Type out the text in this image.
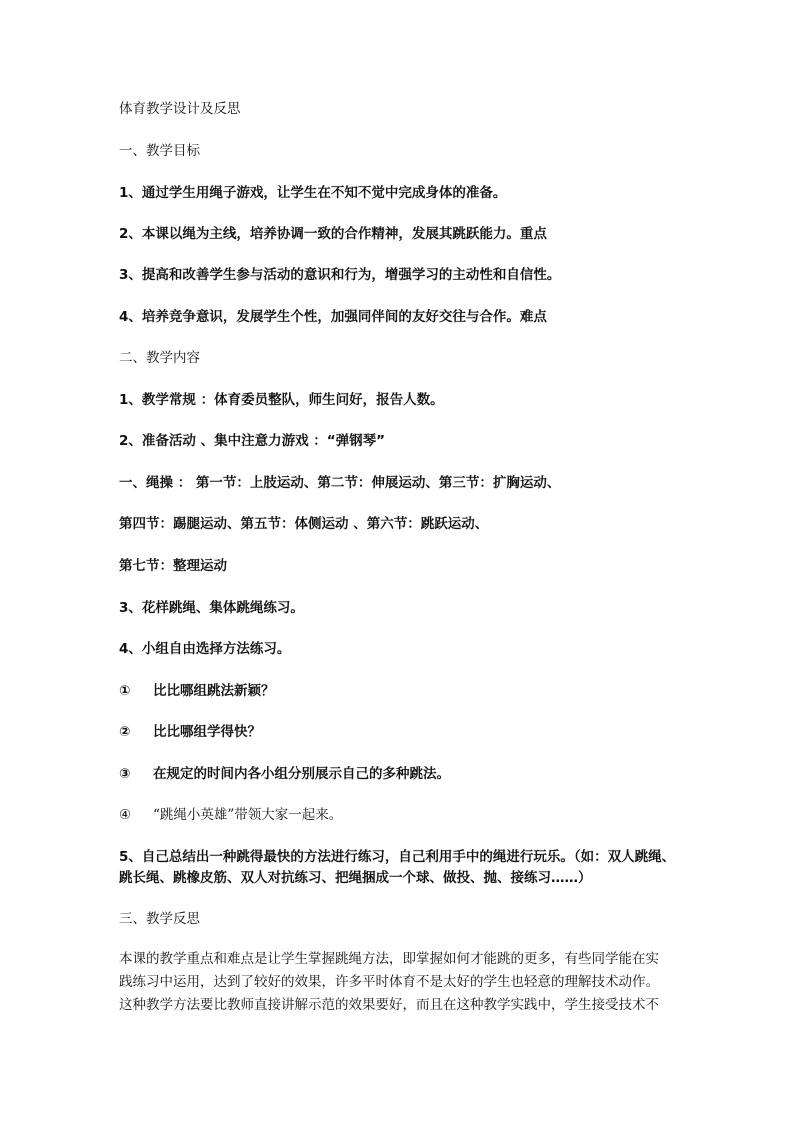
体育教学设计及反思
一、教学目标
1、通过学生用绳子游戏，让学生在不知不觉中完成身体的准备。
2、本课以绳为主线，培养协调一致的合作精神，发展其跳跃能力。重点
3、提高和改善学生参与活动的意识和行为，增强学习的主动性和自信性。
4、培养竞争意识，发展学生个性，加强同伴间的友好交往与合作。难点
二、教学内容
1、教学常规 ：体育委员整队，师生问好，报告人数。
2、准备活动 、集中注意力游戏 ：“弹钢琴”
一、绳操 ： 第一节：上肢运动、第二节：伸展运动、第三节：扩胸运动、
第四节：踢腿运动、第五节：体侧运动 、第六节：跳跃运动、
第七节：整理运动
3、花样跳绳、集体跳绳练习。
4、小组自由选择方法练习。
① 比比哪组跳法新颖？
② 比比哪组学得快？
③ 在规定的时间内各小组分别展示自己的多种跳法。
④ “跳绳小英雄”带领大家一起来。
5、自己总结出一种跳得最快的方法进行练习，自己利用手中的绳进行玩乐。（如：双人跳绳、
跳长绳、跳橡皮筋、双人对抗练习、把绳捆成一个球、做投、抛、接练习……）
三、教学反思
本课的教学重点和难点是让学生掌握跳绳方法，即掌握如何才能跳的更多，有些同学能在实
践练习中运用，达到了较好的效果，许多平时体育不是太好的学生也轻意的理解技术动作。
这种教学方法要比教师直接讲解示范的效果要好，而且在这种教学实践中，学生接受技术不
